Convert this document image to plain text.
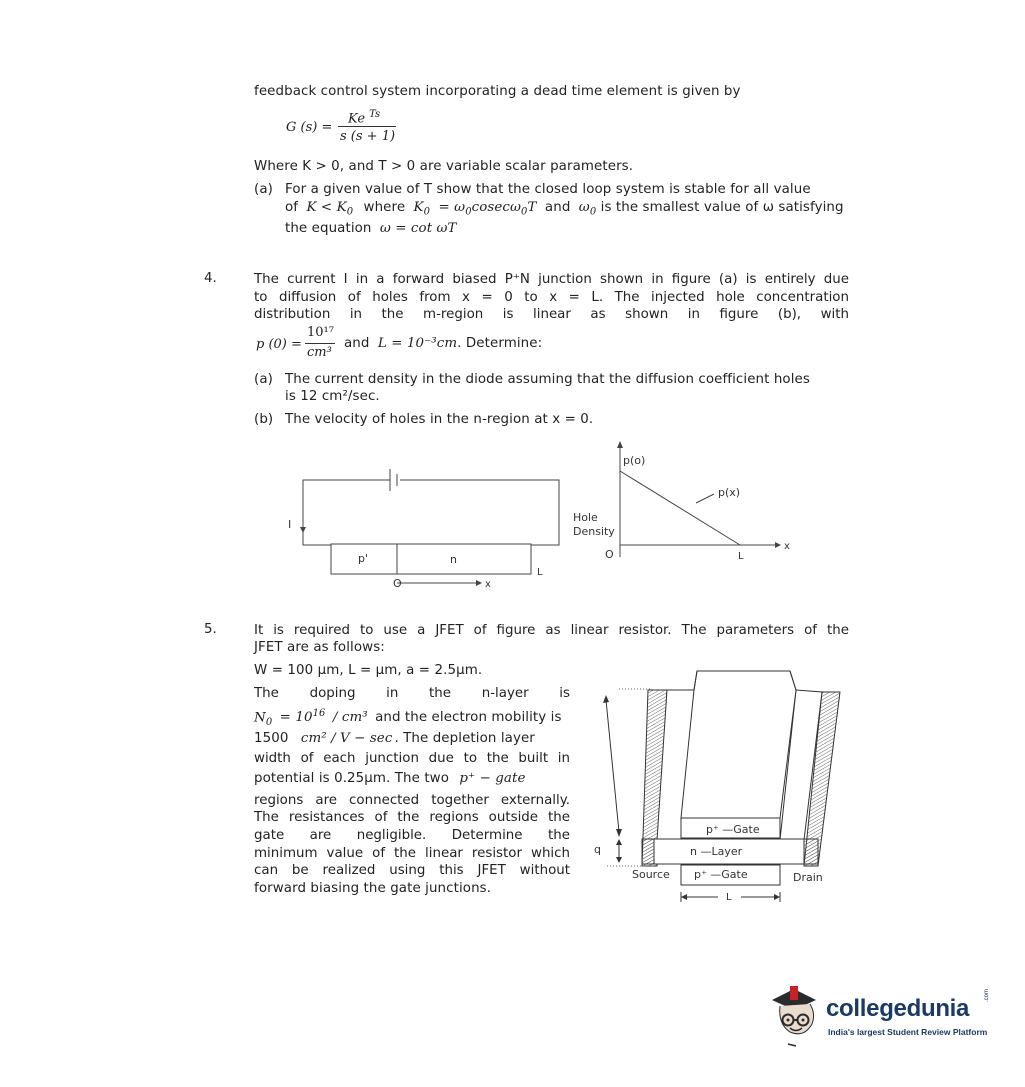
feedback control system incorporating a dead time element is given by
G (s) =
Ke $^{Ts}$
s (s + 1)
Where K > 0, and T > 0 are variable scalar parameters.
(a) For a given value of T show that the closed loop system is stable for all value
of $K < K_0$ where $K_0 = \omega_0cosec\omega_0T$ and $\omega_0$ is the smallest value of ω satisfying
the equation ω = cot ωT
4.	The current I in a forward biased P⁺N junction shown in figure (a) is entirely due
to diffusion of holes from x = 0 to x = L. The injected hole concentration
distribution in the m-region is linear as shown in figure (b), with
p (0) =
10¹⁷
cm³
and L = 10⁻³cm. Determine:
(a) The current density in the diode assuming that the diffusion coefficient holes
is 12 cm²/sec.
(b) The velocity of holes in the n-region at x = 0.
I
p'	n
O	x
L
p(o)
p(x)
Hole
Density
O	L
x
5.	It is required to use a JFET of figure as linear resistor. The parameters of the
JFET are as follows:
W = 100 μm, L = μm, a = 2.5μm.
The doping in the n-layer is
$N_0 = 10^{16} / cm^3$ and the electron mobility is
1500 cm² / V − sec . The depletion layer
width of each junction due to the built in
potential is 0.25μm. The two p⁺ − gate
regions are connected together externally.
The resistances of the regions outside the
gate are negligible. Determine the
minimum value of the linear resistor which
can be realized using this JFET without
forward biasing the gate junctions.
p⁺ —Gate
n —Layer
p⁺ —Gate
Source	Drain
L
q
collegedunia .com
India's largest Student Review Platform
